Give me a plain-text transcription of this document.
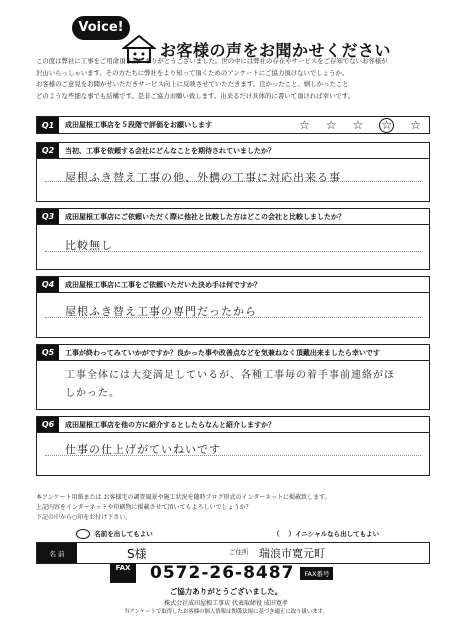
Voice!
お客様の声をお聞かせください
この度は弊社に工事をご用命頂き誠にありがとうございました。世の中には弊社の存在やサービスをご存知でないお客様が
沢山いらっしゃいます。その方たちに弊社をより知って頂くためのアンケートにご協力頂けないでしょうか。
お客様のご意見をお聞かせいただきサービス向上に反映させていただきます。良かったこと、嬉しかったこと
どのような些細な事でも結構です。是非ご協力お願い致します。出来るだけ具体的に書いて頂ければ幸いです。
Q1	成田屋根工事店を５段階で評価をお願いします	☆ ☆ ☆ ☆ ☆
Q2	当初、工事を依頼する会社にどんなことを期待されていましたか？
屋根ふき替え工事の他、外構の工事に対応出来る事
Q3	成田屋根工事店にご依頼いただく際に他社と比較した方はどこの会社と比較しましたか？
比較無し
Q4	成田屋根工事店に工事をご依頼いただいた決め手は何ですか？
屋根ふき替え工事の専門だったから
Q5	工事が終わってみていかがですか？良かった事や改善点などを気兼ねなく頂戴出来ましたら幸いです
工事全体には大変満足しているが、各種工事毎の着手事前連絡がほしかった。
Q6	成田屋根工事店を他の方に紹介するとしたらなんと紹介しますか？
仕事の仕上げがていねいです
本アンケート用紙または お客様宅の調査風景や施工状況を随時ブログ形式のインターネットに掲載致します。
上記内容をインターネットや印刷物に掲載させて頂いてもよろしいでしょうか？
下記の中から○印をお付け下さい。
名前を出してもよい	（    ）イニシャルなら出してもよい
名 前	S様	ご住所 瑞浪市寛元町
FAX	0572-26-8487	FAX番号
ご協力ありがとうございました。
株式会社成田屋根工事店 代表取締役 成田寛孝
当アンケートで取得したお客様の個人情報は関係法規に基づき適正に取り扱います。
